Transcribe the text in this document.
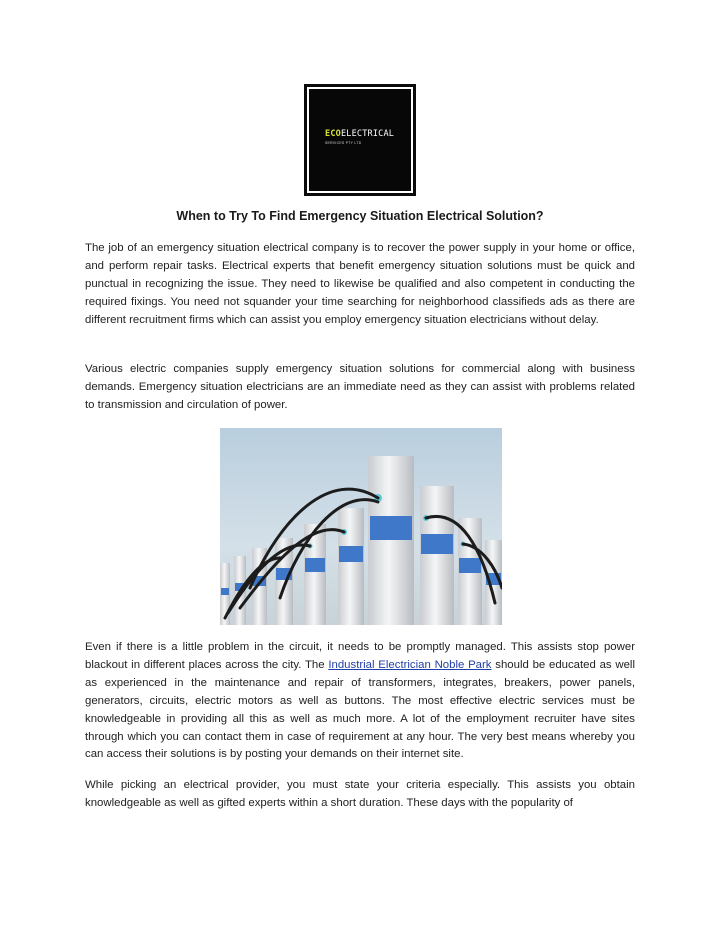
ECOELECTRICAL
SERVICES PTY LTD
When to Try To Find Emergency Situation Electrical Solution?

The job of an emergency situation electrical company is to recover the power supply in your home or office, and perform repair tasks. Electrical experts that benefit emergency situation solutions must be quick and punctual in recognizing the issue. They need to likewise be qualified and also competent in conducting the required fixings. You need not squander your time searching for neighborhood classifieds ads as there are different recruitment firms which can assist you employ emergency situation electricians without delay.

Various electric companies supply emergency situation solutions for commercial along with business demands. Emergency situation electricians are an immediate need as they can assist with problems related to transmission and circulation of power.

Even if there is a little problem in the circuit, it needs to be promptly managed. This assists stop power blackout in different places across the city. The Industrial Electrician Noble Park should be educated as well as experienced in the maintenance and repair of transformers, integrates, breakers, power panels, generators, circuits, electric motors as well as buttons. The most effective electric services must be knowledgeable in providing all this as well as much more. A lot of the employment recruiter have sites through which you can contact them in case of requirement at any hour. The very best means whereby you can access their solutions is by posting your demands on their internet site.

While picking an electrical provider, you must state your criteria especially. This assists you obtain knowledgeable as well as gifted experts within a short duration. These days with the popularity of
